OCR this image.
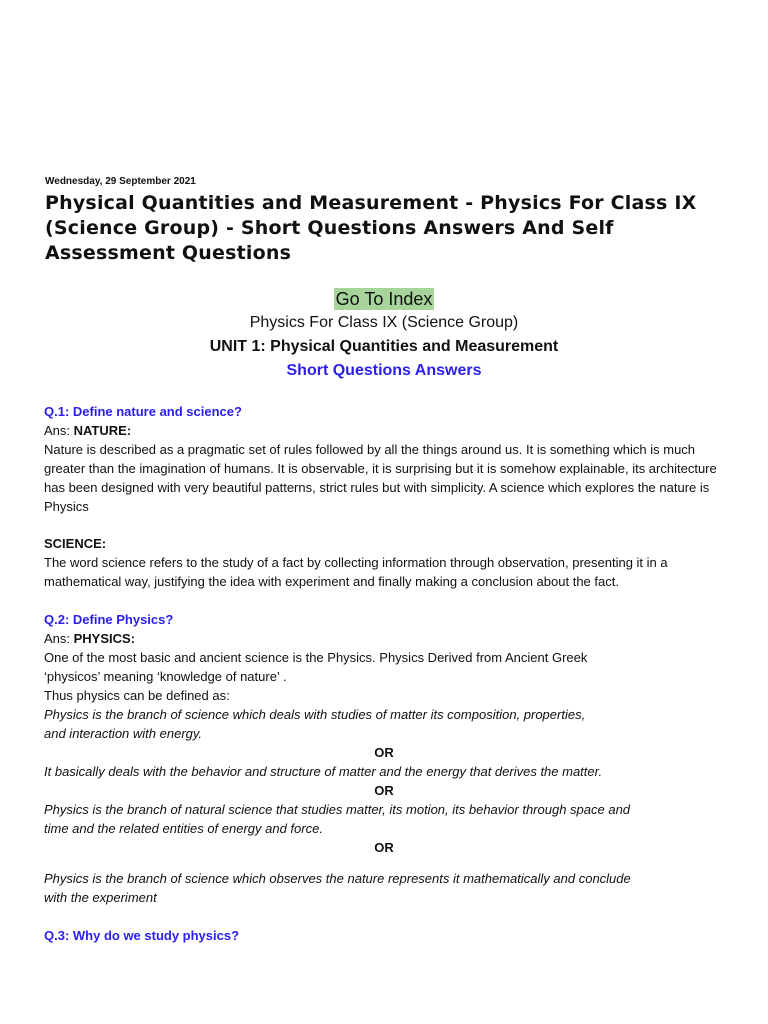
Wednesday, 29 September 2021
Physical Quantities and Measurement - Physics For Class IX (Science Group) - Short Questions Answers And Self Assessment Questions
Go To Index
Physics For Class IX (Science Group)
UNIT 1: Physical Quantities and Measurement
Short Questions Answers
Q.1: Define nature and science?

Ans: NATURE:

Nature is described as a pragmatic set of rules followed by all the things around us. It is something which is much greater than the imagination of humans. It is observable, it is surprising but it is somehow explainable, its architecture has been designed with very beautiful patterns, strict rules but with simplicity. A science which explores the nature is Physics

SCIENCE:

The word science refers to the study of a fact by collecting information through observation, presenting it in a mathematical way, justifying the idea with experiment and finally making a conclusion about the fact.

Q.2: Define Physics?

Ans: PHYSICS:

One of the most basic and ancient science is the Physics. Physics Derived from Ancient Greek

‘physicos’ meaning ‘knowledge of nature’ .

Thus physics can be defined as:

Physics is the branch of science which deals with studies of matter its composition, properties,

and interaction with energy.

OR

It basically deals with the behavior and structure of matter and the energy that derives the matter.

OR

Physics is the branch of natural science that studies matter, its motion, its behavior through space and

time and the related entities of energy and force.

OR

Physics is the branch of science which observes the nature represents it mathematically and conclude

with the experiment

Q.3: Why do we study physics?
